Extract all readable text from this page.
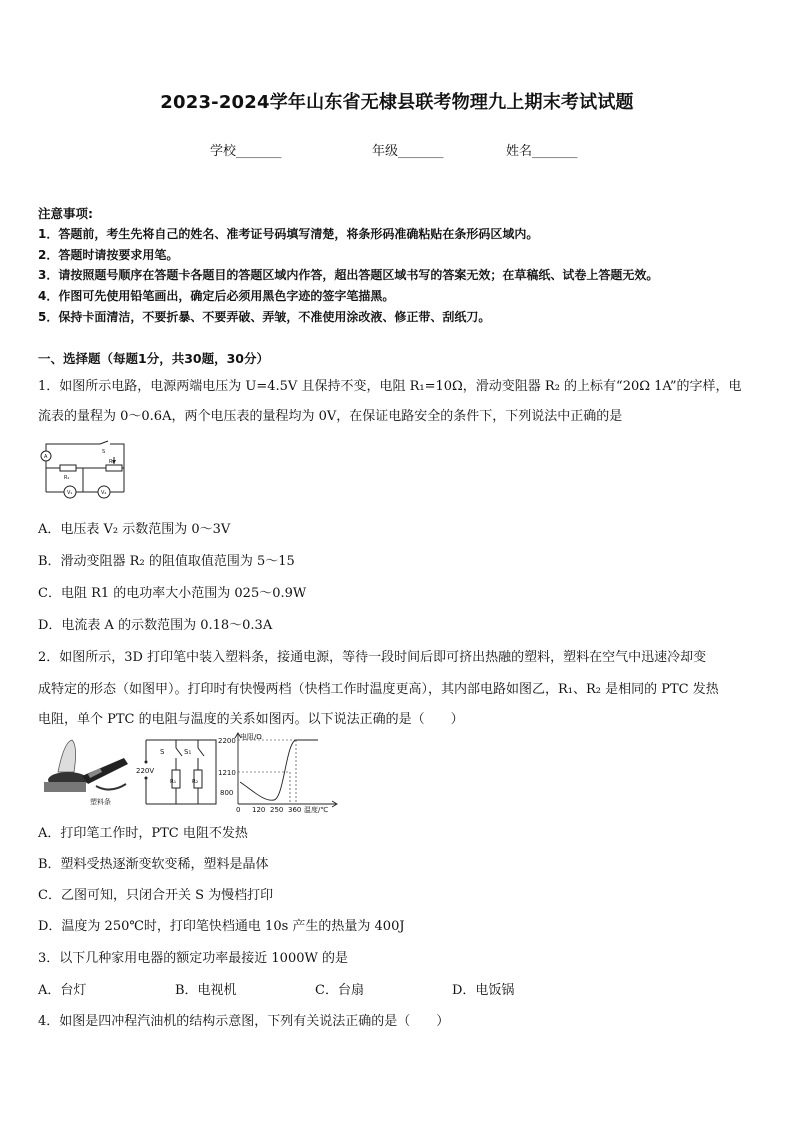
2023-2024学年山东省无棣县联考物理九上期末考试试题
学校_______	年级_______	姓名_______
注意事项:
1．答题前，考生先将自己的姓名、准考证号码填写清楚，将条形码准确粘贴在条形码区域内。
2．答题时请按要求用笔。
3．请按照题号顺序在答题卡各题目的答题区域内作答，超出答题区域书写的答案无效；在草稿纸、试卷上答题无效。
4．作图可先使用铅笔画出，确定后必须用黑色字迹的签字笔描黑。
5．保持卡面清洁，不要折暴、不要弄破、弄皱，不准使用涂改液、修正带、刮纸刀。
一、选择题（每题1分，共30题，30分）
1．如图所示电路，电源两端电压为 U=4.5V 且保持不变，电阻 R₁=10Ω，滑动变阻器 R₂ 的上标有“20Ω 1A”的字样，电
流表的量程为 0～0.6A，两个电压表的量程均为 0V，在保证电路安全的条件下，下列说法中正确的是
A
S
R₁
R₂
V₁	V₂
A．电压表 V₂ 示数范围为 0～3V
B．滑动变阻器 R₂ 的阻值取值范围为 5～15
C．电阻 R1 的电功率大小范围为 025～0.9W
D．电流表 A 的示数范围为 0.18～0.3A
2．如图所示，3D 打印笔中装入塑料条，接通电源，等待一段时间后即可挤出热融的塑料，塑料在空气中迅速冷却变
成特定的形态（如图甲）。打印时有快慢两档（快档工作时温度更高），其内部电路如图乙，R₁、R₂ 是相同的 PTC 发热
电阻，单个 PTC 的电阻与温度的关系如图丙。以下说法正确的是（　　）
塑料条
S	S₁
220V
R₁	R₂
电阻/Ω
2200
1210
800
0 120 250 360 温度/℃
A．打印笔工作时，PTC 电阻不发热
B．塑料受热逐渐变软变稀，塑料是晶体
C．乙图可知，只闭合开关 S 为慢档打印
D．温度为 250℃时，打印笔快档通电 10s 产生的热量为 400J
3．以下几种家用电器的额定功率最接近 1000W 的是
A．台灯	B．电视机	C．台扇	D．电饭锅
4．如图是四冲程汽油机的结构示意图，下列有关说法正确的是（　　）
